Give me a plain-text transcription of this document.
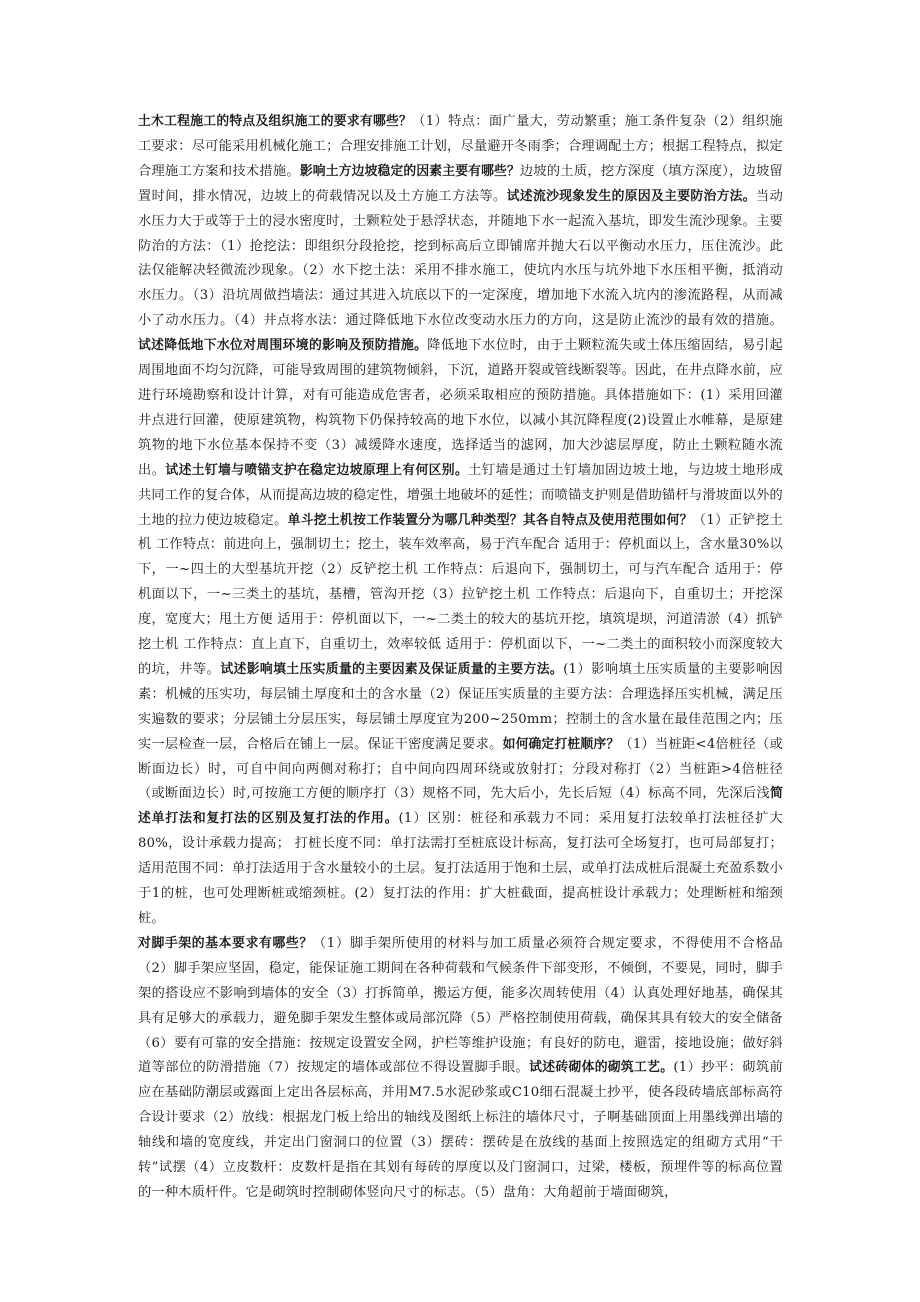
土木工程施工的特点及组织施工的要求有哪些？（1）特点：面广量大，劳动繁重；施工条件复杂（2）组织施工要求：尽可能采用机械化施工；合理安排施工计划，尽量避开冬雨季；合理调配土方；根据工程特点，拟定合理施工方案和技术措施。影响土方边坡稳定的因素主要有哪些？边坡的土质，挖方深度（填方深度），边坡留置时间，排水情况，边坡上的荷载情况以及土方施工方法等。试述流沙现象发生的原因及主要防治方法。当动水压力大于或等于土的浸水密度时，土颗粒处于悬浮状态，并随地下水一起流入基坑，即发生流沙现象。主要防治的方法：（1）抢挖法：即组织分段抢挖，挖到标高后立即铺席并抛大石以平衡动水压力，压住流沙。此法仅能解决轻微流沙现象。（2）水下挖土法：采用不排水施工，使坑内水压与坑外地下水压相平衡，抵消动水压力。（3）沿坑周做挡墙法：通过其进入坑底以下的一定深度，增加地下水流入坑内的渗流路程，从而减小了动水压力。（4）井点将水法：通过降低地下水位改变动水压力的方向，这是防止流沙的最有效的措施。试述降低地下水位对周围环境的影响及预防措施。降低地下水位时，由于土颗粒流失或土体压缩固结，易引起周围地面不均匀沉降，可能导致周围的建筑物倾斜，下沉，道路开裂或管线断裂等。因此，在井点降水前，应进行环境勘察和设计计算，对有可能造成危害者，必须采取相应的预防措施。具体措施如下：(1）采用回灌井点进行回灌，使原建筑物，构筑物下仍保持较高的地下水位，以减小其沉降程度(2)设置止水帷幕，是原建筑物的地下水位基本保持不变（3）减缓降水速度，选择适当的滤网，加大沙滤层厚度，防止土颗粒随水流出。试述土钉墙与喷锚支护在稳定边坡原理上有何区别。土钉墙是通过土钉墙加固边坡土地，与边坡土地形成共同工作的复合体，从而提高边坡的稳定性，增强土地破坏的延性；而喷锚支护则是借助锚杆与滑坡面以外的土地的拉力使边坡稳定。单斗挖土机按工作装置分为哪几种类型？其各自特点及使用范围如何？（1）正铲挖土机 工作特点：前进向上，强制切土；挖土，装车效率高，易于汽车配合 适用于：停机面以上，含水量30%以下，一~四土的大型基坑开挖（2）反铲挖土机 工作特点：后退向下，强制切土，可与汽车配合 适用于：停机面以下，一~三类土的基坑，基槽，管沟开挖（3）拉铲挖土机 工作特点：后退向下，自重切土；开挖深度，宽度大；甩土方便 适用于：停机面以下，一~二类土的较大的基坑开挖，填筑堤坝，河道清淤（4）抓铲挖土机 工作特点：直上直下，自重切土，效率较低 适用于：停机面以下，一~二类土的面积较小而深度较大的坑，井等。试述影响填土压实质量的主要因素及保证质量的主要方法。(1）影响填土压实质量的主要影响因素：机械的压实功，每层铺土厚度和土的含水量（2）保证压实质量的主要方法：合理选择压实机械，满足压实遍数的要求；分层铺土分层压实，每层铺土厚度宜为200~250mm；控制土的含水量在最佳范围之内；压实一层检查一层，合格后在铺上一层。保证干密度满足要求。如何确定打桩顺序？（1）当桩距<4倍桩径（或断面边长）时，可自中间向两侧对称打；自中间向四周环绕或放射打；分段对称打（2）当桩距>4倍桩径（或断面边长）时,可按施工方便的顺序打（3）规格不同，先大后小，先长后短（4）标高不同，先深后浅简述单打法和复打法的区别及复打法的作用。(1）区别：桩径和承载力不同：采用复打法较单打法桩径扩大80%，设计承载力提高； 打桩长度不同：单打法需打至桩底设计标高，复打法可全场复打，也可局部复打； 适用范围不同：单打法适用于含水量较小的土层。复打法适用于饱和土层，或单打法成桩后混凝土充盈系数小于1的桩，也可处理断桩或缩颈桩。(2）复打法的作用：扩大桩截面，提高桩设计承载力；处理断桩和缩颈桩。

对脚手架的基本要求有哪些？（1）脚手架所使用的材料与加工质量必须符合规定要求，不得使用不合格品（2）脚手架应坚固，稳定，能保证施工期间在各种荷载和气候条件下部变形，不倾倒，不要晃，同时，脚手架的搭设应不影响到墙体的安全（3）打拆简单，搬运方便，能多次周转使用（4）认真处理好地基，确保其具有足够大的承载力，避免脚手架发生整体或局部沉降（5）严格控制使用荷载，确保其具有较大的安全储备（6）要有可靠的安全措施：按规定设置安全网，护栏等维护设施；有良好的防电，避雷，接地设施；做好斜道等部位的防滑措施（7）按规定的墙体或部位不得设置脚手眼。试述砖砌体的砌筑工艺。(1）抄平：砌筑前应在基础防潮层或露面上定出各层标高，并用M7.5水泥砂浆或C10细石混凝土抄平，使各段砖墙底部标高符合设计要求（2）放线：根据龙门板上给出的轴线及图纸上标注的墙体尺寸，子啊基础顶面上用墨线弹出墙的轴线和墙的宽度线，并定出门窗洞口的位置（3）摆砖：摆砖是在放线的基面上按照选定的组砌方式用“干转”试摆（4）立皮数杆：皮数杆是指在其划有每砖的厚度以及门窗洞口，过梁，楼板，预埋件等的标高位置的一种木质杆件。它是砌筑时控制砌体竖向尺寸的标志。（5）盘角：大角超前于墙面砌筑，
